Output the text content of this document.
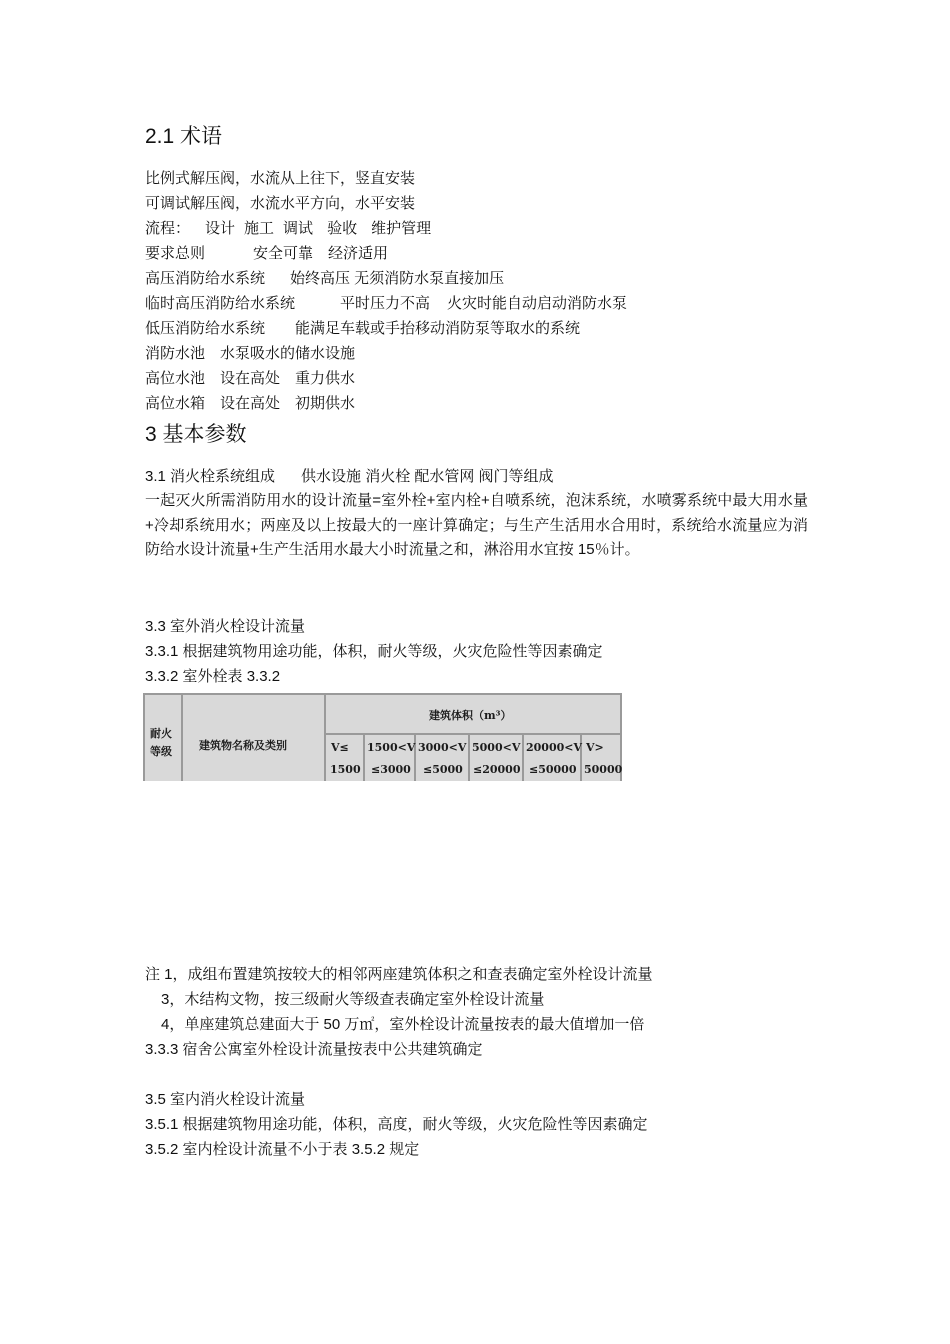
2.1 术语
比例式解压阀，水流从上往下，竖直安装
可调试解压阀，水流水平方向，水平安装
流程： 设计 施工 调试 验收 维护管理
要求总则	安全可靠 经济适用
高压消防给水系统 始终高压 无须消防水泵直接加压
临时高压消防给水系统	平时压力不高 火灾时能自动启动消防水泵
低压消防给水系统 能满足车载或手抬移动消防泵等取水的系统
消防水池 水泵吸水的储水设施
高位水池 设在高处 重力供水
高位水箱 设在高处 初期供水
3 基本参数
3.1 消火栓系统组成 供水设施 消火栓 配水管网 阀门等组成
一起灭火所需消防用水的设计流量=室外栓+室内栓+自喷系统，泡沫系统，水喷雾系统中最大用水量+冷却系统用水；两座及以上按最大的一座计算确定；与生产生活用水合用时，系统给水流量应为消防给水设计流量+生产生活用水最大小时流量之和，淋浴用水宜按 15％计。
3.3 室外消火栓设计流量
3.3.1 根据建筑物用途功能，体积，耐火等级，火灾危险性等因素确定
3.3.2 室外栓表 3.3.2
耐火
等级 建筑物名称及类别
建筑体积（m³）
V≤ 1500<V 3000<V 5000<V 20000<V V>
1500 ≤3000 ≤5000 ≤20000 ≤50000 50000
注 1，成组布置建筑按较大的相邻两座建筑体积之和查表确定室外栓设计流量
3，木结构文物，按三级耐火等级查表确定室外栓设计流量
4，单座建筑总建面大于 50 万㎡，室外栓设计流量按表的最大值增加一倍
3.3.3 宿舍公寓室外栓设计流量按表中公共建筑确定
3.5 室内消火栓设计流量
3.5.1 根据建筑物用途功能，体积，高度，耐火等级，火灾危险性等因素确定
3.5.2 室内栓设计流量不小于表 3.5.2 规定
